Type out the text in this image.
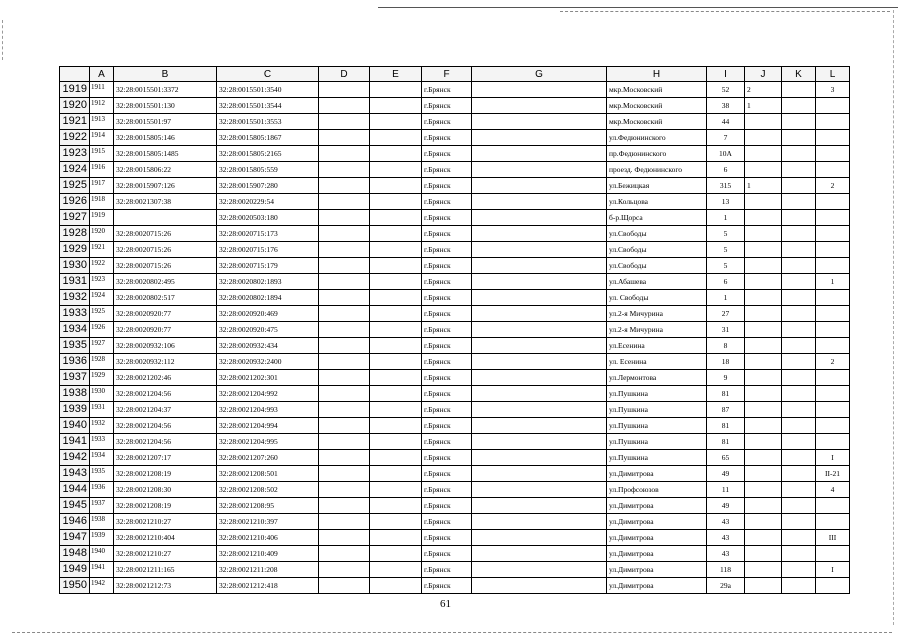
	A	B	C	D	E	F	G	H	I	J	K	L
1919	1911	32:28:0015501:3372	32:28:0015501:3540			г.Брянск		мкр.Московский	52	2		3
1920	1912	32:28:0015501:130	32:28:0015501:3544			г.Брянск		мкр.Московский	38	1		
1921	1913	32:28:0015501:97	32:28:0015501:3553			г.Брянск		мкр.Московский	44			
1922	1914	32:28:0015805:146	32:28:0015805:1867			г.Брянск		ул.Федюнинского	7			
1923	1915	32:28:0015805:1485	32:28:0015805:2165			г.Брянск		пр.Федюнинского	10А			
1924	1916	32:28:0015806:22	32:28:0015805:559			г.Брянск		проезд. Федюнинского	6			
1925	1917	32:28:0015907:126	32:28:0015907:280			г.Брянск		ул.Бежицкая	315	1		2
1926	1918	32:28:0021307:38	32:28:0020229:54			г.Брянск		ул.Кольцова	13			
1927	1919		32:28:0020503:180			г.Брянск		б-р.Щорса	1			
1928	1920	32:28:0020715:26	32:28:0020715:173			г.Брянск		ул.Свободы	5			
1929	1921	32:28:0020715:26	32:28:0020715:176			г.Брянск		ул.Свободы	5			
1930	1922	32:28:0020715:26	32:28:0020715:179			г.Брянск		ул.Свободы	5			
1931	1923	32:28:0020802:495	32:28:0020802:1893			г.Брянск		ул.Абашева	6			1
1932	1924	32:28:0020802:517	32:28:0020802:1894			г.Брянск		ул. Свободы	1			
1933	1925	32:28:0020920:77	32:28:0020920:469			г.Брянск		ул.2-я Мичурина	27			
1934	1926	32:28:0020920:77	32:28:0020920:475			г.Брянск		ул.2-я Мичурина	31			
1935	1927	32:28:0020932:106	32:28:0020932:434			г.Брянск		ул.Есенина	8			
1936	1928	32:28:0020932:112	32:28:0020932:2400			г.Брянск		ул. Есенина	18			2
1937	1929	32:28:0021202:46	32:28:0021202:301			г.Брянск		ул.Лермонтова	9			
1938	1930	32:28:0021204:56	32:28:0021204:992			г.Брянск		ул.Пушкина	81			
1939	1931	32:28:0021204:37	32:28:0021204:993			г.Брянск		ул.Пушкина	87			
1940	1932	32:28:0021204:56	32:28:0021204:994			г.Брянск		ул.Пушкина	81			
1941	1933	32:28:0021204:56	32:28:0021204:995			г.Брянск		ул.Пушкина	81			
1942	1934	32:28:0021207:17	32:28:0021207:260			г.Брянск		ул.Пушкина	65			I
1943	1935	32:28:0021208:19	32:28:0021208:501			г.Брянск		ул.Димитрова	49			II-21
1944	1936	32:28:0021208:30	32:28:0021208:502			г.Брянск		ул.Профсоюзов	11			4
1945	1937	32:28:0021208:19	32:28:0021208:95			г.Брянск		ул.Димитрова	49			
1946	1938	32:28:0021210:27	32:28:0021210:397			г.Брянск		ул.Димитрова	43			
1947	1939	32:28:0021210:404	32:28:0021210:406			г.Брянск		ул.Димитрова	43			III
1948	1940	32:28:0021210:27	32:28:0021210:409			г.Брянск		ул.Димитрова	43			
1949	1941	32:28:0021211:165	32:28:0021211:208			г.Брянск		ул.Димитрова	118			I
1950	1942	32:28:0021212:73	32:28:0021212:418			г.Брянск		ул.Димитрова	29а			
61
